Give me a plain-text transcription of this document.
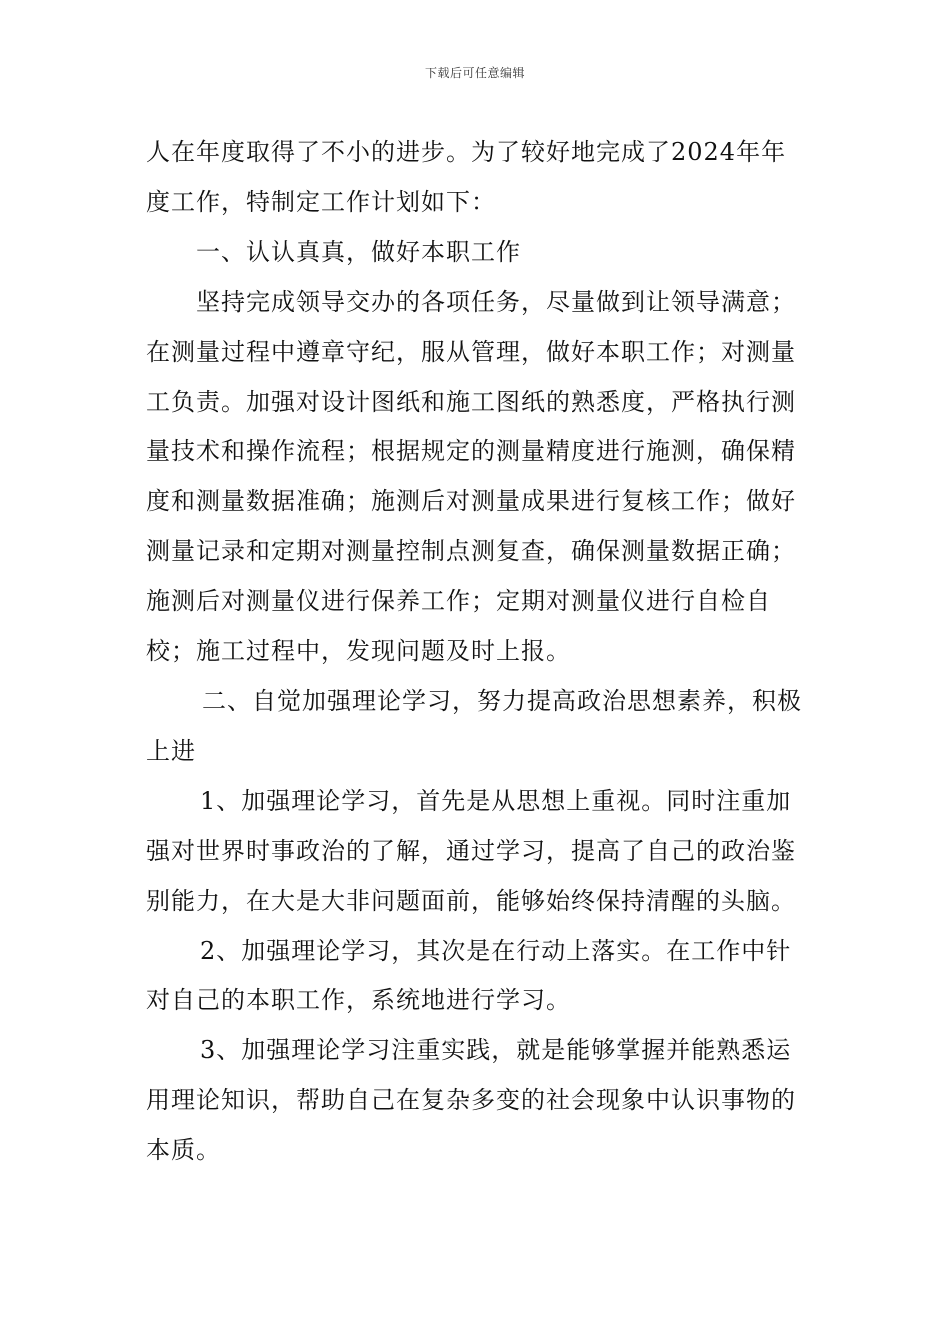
下载后可任意编辑

人在年度取得了不小的进步。为了较好地完成了2024年年度工作，特制定工作计划如下：

一、认认真真，做好本职工作

坚持完成领导交办的各项任务，尽量做到让领导满意；在测量过程中遵章守纪，服从管理，做好本职工作；对测量工负责。加强对设计图纸和施工图纸的熟悉度，严格执行测量技术和操作流程；根据规定的测量精度进行施测，确保精度和测量数据准确；施测后对测量成果进行复核工作；做好测量记录和定期对测量控制点测复查，确保测量数据正确；施测后对测量仪进行保养工作；定期对测量仪进行自检自校；施工过程中，发现问题及时上报。

二、自觉加强理论学习，努力提高政治思想素养，积极上进

1、加强理论学习，首先是从思想上重视。同时注重加强对世界时事政治的了解，通过学习，提高了自己的政治鉴别能力，在大是大非问题面前，能够始终保持清醒的头脑。

2、加强理论学习，其次是在行动上落实。在工作中针对自己的本职工作，系统地进行学习。

3、加强理论学习注重实践，就是能够掌握并能熟悉运用理论知识，帮助自己在复杂多变的社会现象中认识事物的本质。
